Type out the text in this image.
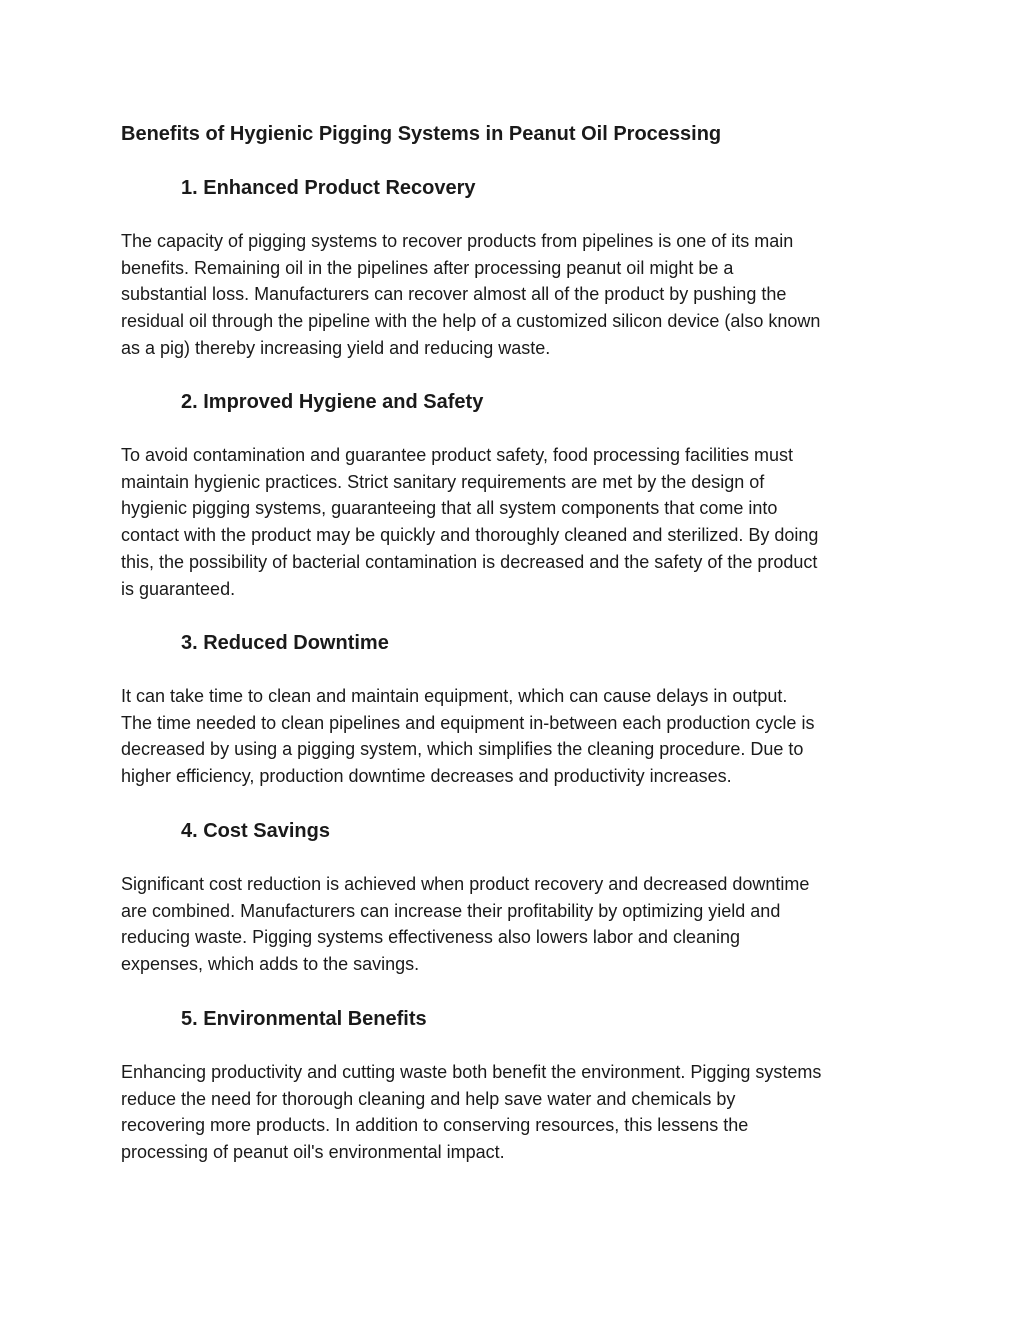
Benefits of Hygienic Pigging Systems in Peanut Oil Processing
1. Enhanced Product Recovery

The capacity of pigging systems to recover products from pipelines is one of its main
benefits. Remaining oil in the pipelines after processing peanut oil might be a
substantial loss. Manufacturers can recover almost all of the product by pushing the
residual oil through the pipeline with the help of a customized silicon device (also known
as a pig) thereby increasing yield and reducing waste.

2. Improved Hygiene and Safety

To avoid contamination and guarantee product safety, food processing facilities must
maintain hygienic practices. Strict sanitary requirements are met by the design of
hygienic pigging systems, guaranteeing that all system components that come into
contact with the product may be quickly and thoroughly cleaned and sterilized. By doing
this, the possibility of bacterial contamination is decreased and the safety of the product
is guaranteed.

3. Reduced Downtime

It can take time to clean and maintain equipment, which can cause delays in output.
The time needed to clean pipelines and equipment in-between each production cycle is
decreased by using a pigging system, which simplifies the cleaning procedure. Due to
higher efficiency, production downtime decreases and productivity increases.

4. Cost Savings

Significant cost reduction is achieved when product recovery and decreased downtime
are combined. Manufacturers can increase their profitability by optimizing yield and
reducing waste. Pigging systems effectiveness also lowers labor and cleaning
expenses, which adds to the savings.

5. Environmental Benefits

Enhancing productivity and cutting waste both benefit the environment. Pigging systems
reduce the need for thorough cleaning and help save water and chemicals by
recovering more products. In addition to conserving resources, this lessens the
processing of peanut oil's environmental impact.
